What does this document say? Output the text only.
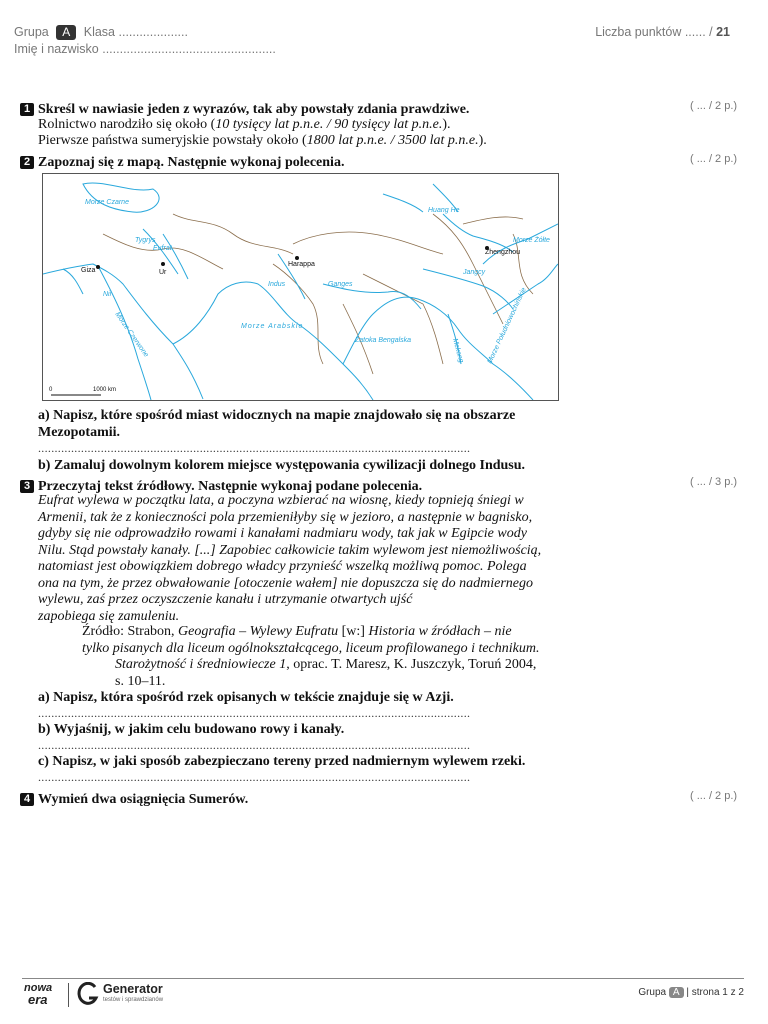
Grupa A Klasa ....................
Imię i nazwisko ..................................................
Liczba punktów ...... / 21
1 Skreśl w nawiasie jeden z wyrazów, tak aby powstały zdania prawdziwe.	( ... / 2 p.)
Rolnictwo narodziło się około (10 tysięcy lat p.n.e. / 90 tysięcy lat p.n.e.).
Pierwsze państwa sumeryjskie powstały około (1800 lat p.n.e. / 3500 lat p.n.e.).
2 Zapoznaj się z mapą. Następnie wykonaj polecenia.	( ... / 2 p.)
Morze Czarne
Tygrys
Eufrat
Giza	Ur
Nil
Morze Czerwone
Harappa
Indus	Ganges
Morze Arabskie
Zatoka Bengalska
Huang He
Zhengzhou
Morze Żółte
Jangcy
Mekong	Morze Południowochińskie
0	1000 km
a) Napisz, które spośród miast widocznych na mapie znajdowało się na obszarze
Mezopotamii.
...................................................................................................................................
b) Zamaluj dowolnym kolorem miejsce występowania cywilizacji dolnego Indusu.
3 Przeczytaj tekst źródłowy. Następnie wykonaj podane polecenia.	( ... / 3 p.)
Eufrat wylewa w początku lata, a poczyna wzbierać na wiosnę, kiedy topnieją śniegi w
Armenii, tak że z konieczności pola przemieniłyby się w jezioro, a następnie w bagnisko,
gdyby się nie odprowadziło rowami i kanałami nadmiaru wody, tak jak w Egipcie wody
Nilu. Stąd powstały kanały. [...] Zapobiec całkowicie takim wylewom jest niemożliwością,
natomiast jest obowiązkiem dobrego władcy przynieść wszelką możliwą pomoc. Polega
ona na tym, że przez obwałowanie [otoczenie wałem] nie dopuszcza się do nadmiernego
wylewu, zaś przez oczyszczenie kanału i utrzymanie otwartych ujść
zapobiega się zamuleniu.
Źródło: Strabon, Geografia – Wylewy Eufratu [w:] Historia w źródłach – nie
tylko pisanych dla liceum ogólnokształcącego, liceum profilowanego i technikum.
Starożytność i średniowiecze 1, oprac. T. Maresz, K. Juszczyk, Toruń 2004,
s. 10–11.
a) Napisz, która spośród rzek opisanych w tekście znajduje się w Azji.
...................................................................................................................................
b) Wyjaśnij, w jakim celu budowano rowy i kanały.
...................................................................................................................................
c) Napisz, w jaki sposób zabezpieczano tereny przed nadmiernym wylewem rzeki.
...................................................................................................................................
4 Wymień dwa osiągnięcia Sumerów.	( ... / 2 p.)
nowa
era
Generator
testów i sprawdzianów
Grupa A | strona 1 z 2
